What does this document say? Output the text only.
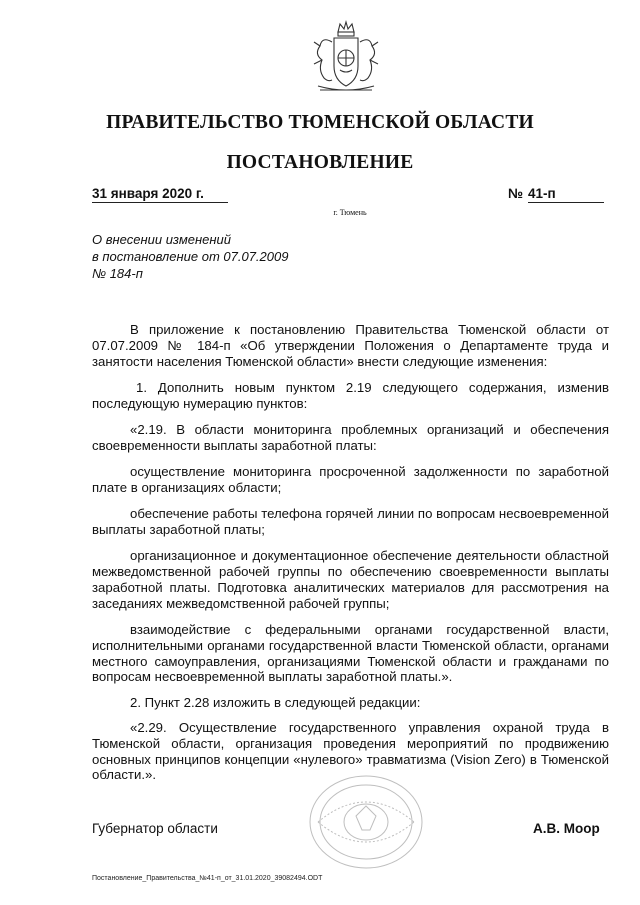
ПРАВИТЕЛЬСТВО ТЮМЕНСКОЙ ОБЛАСТИ
ПОСТАНОВЛЕНИЕ
31 января 2020 г.	№ 41-п
г. Тюмень
О внесении изменений
в постановление от 07.07.2009
№ 184-п

В приложение к постановлению Правительства Тюменской области от 07.07.2009 № 184-п «Об утверждении Положения о Департаменте труда и занятости населения Тюменской области» внести следующие изменения:

1. Дополнить новым пунктом 2.19 следующего содержания, изменив последующую нумерацию пунктов:

«2.19. В области мониторинга проблемных организаций и обеспечения своевременности выплаты заработной платы:

осуществление мониторинга просроченной задолженности по заработной плате в организациях области;

обеспечение работы телефона горячей линии по вопросам несвоевременной выплаты заработной платы;

организационное и документационное обеспечение деятельности областной межведомственной рабочей группы по обеспечению своевременности выплаты заработной платы. Подготовка аналитических материалов для рассмотрения на заседаниях межведомственной рабочей группы;

взаимодействие с федеральными органами государственной власти, исполнительными органами государственной власти Тюменской области, органами местного самоуправления, организациями Тюменской области и гражданами по вопросам несвоевременной выплаты заработной платы.».

2. Пункт 2.28 изложить в следующей редакции:

«2.29. Осуществление государственного управления охраной труда в Тюменской области, организация проведения мероприятий по продвижению основных принципов концепции «нулевого» травматизма (Vision Zero) в Тюменской области.».

Губернатор области	А.В. Моор
Постановление_Правительства_№41-п_от_31.01.2020_39082494.ODT
